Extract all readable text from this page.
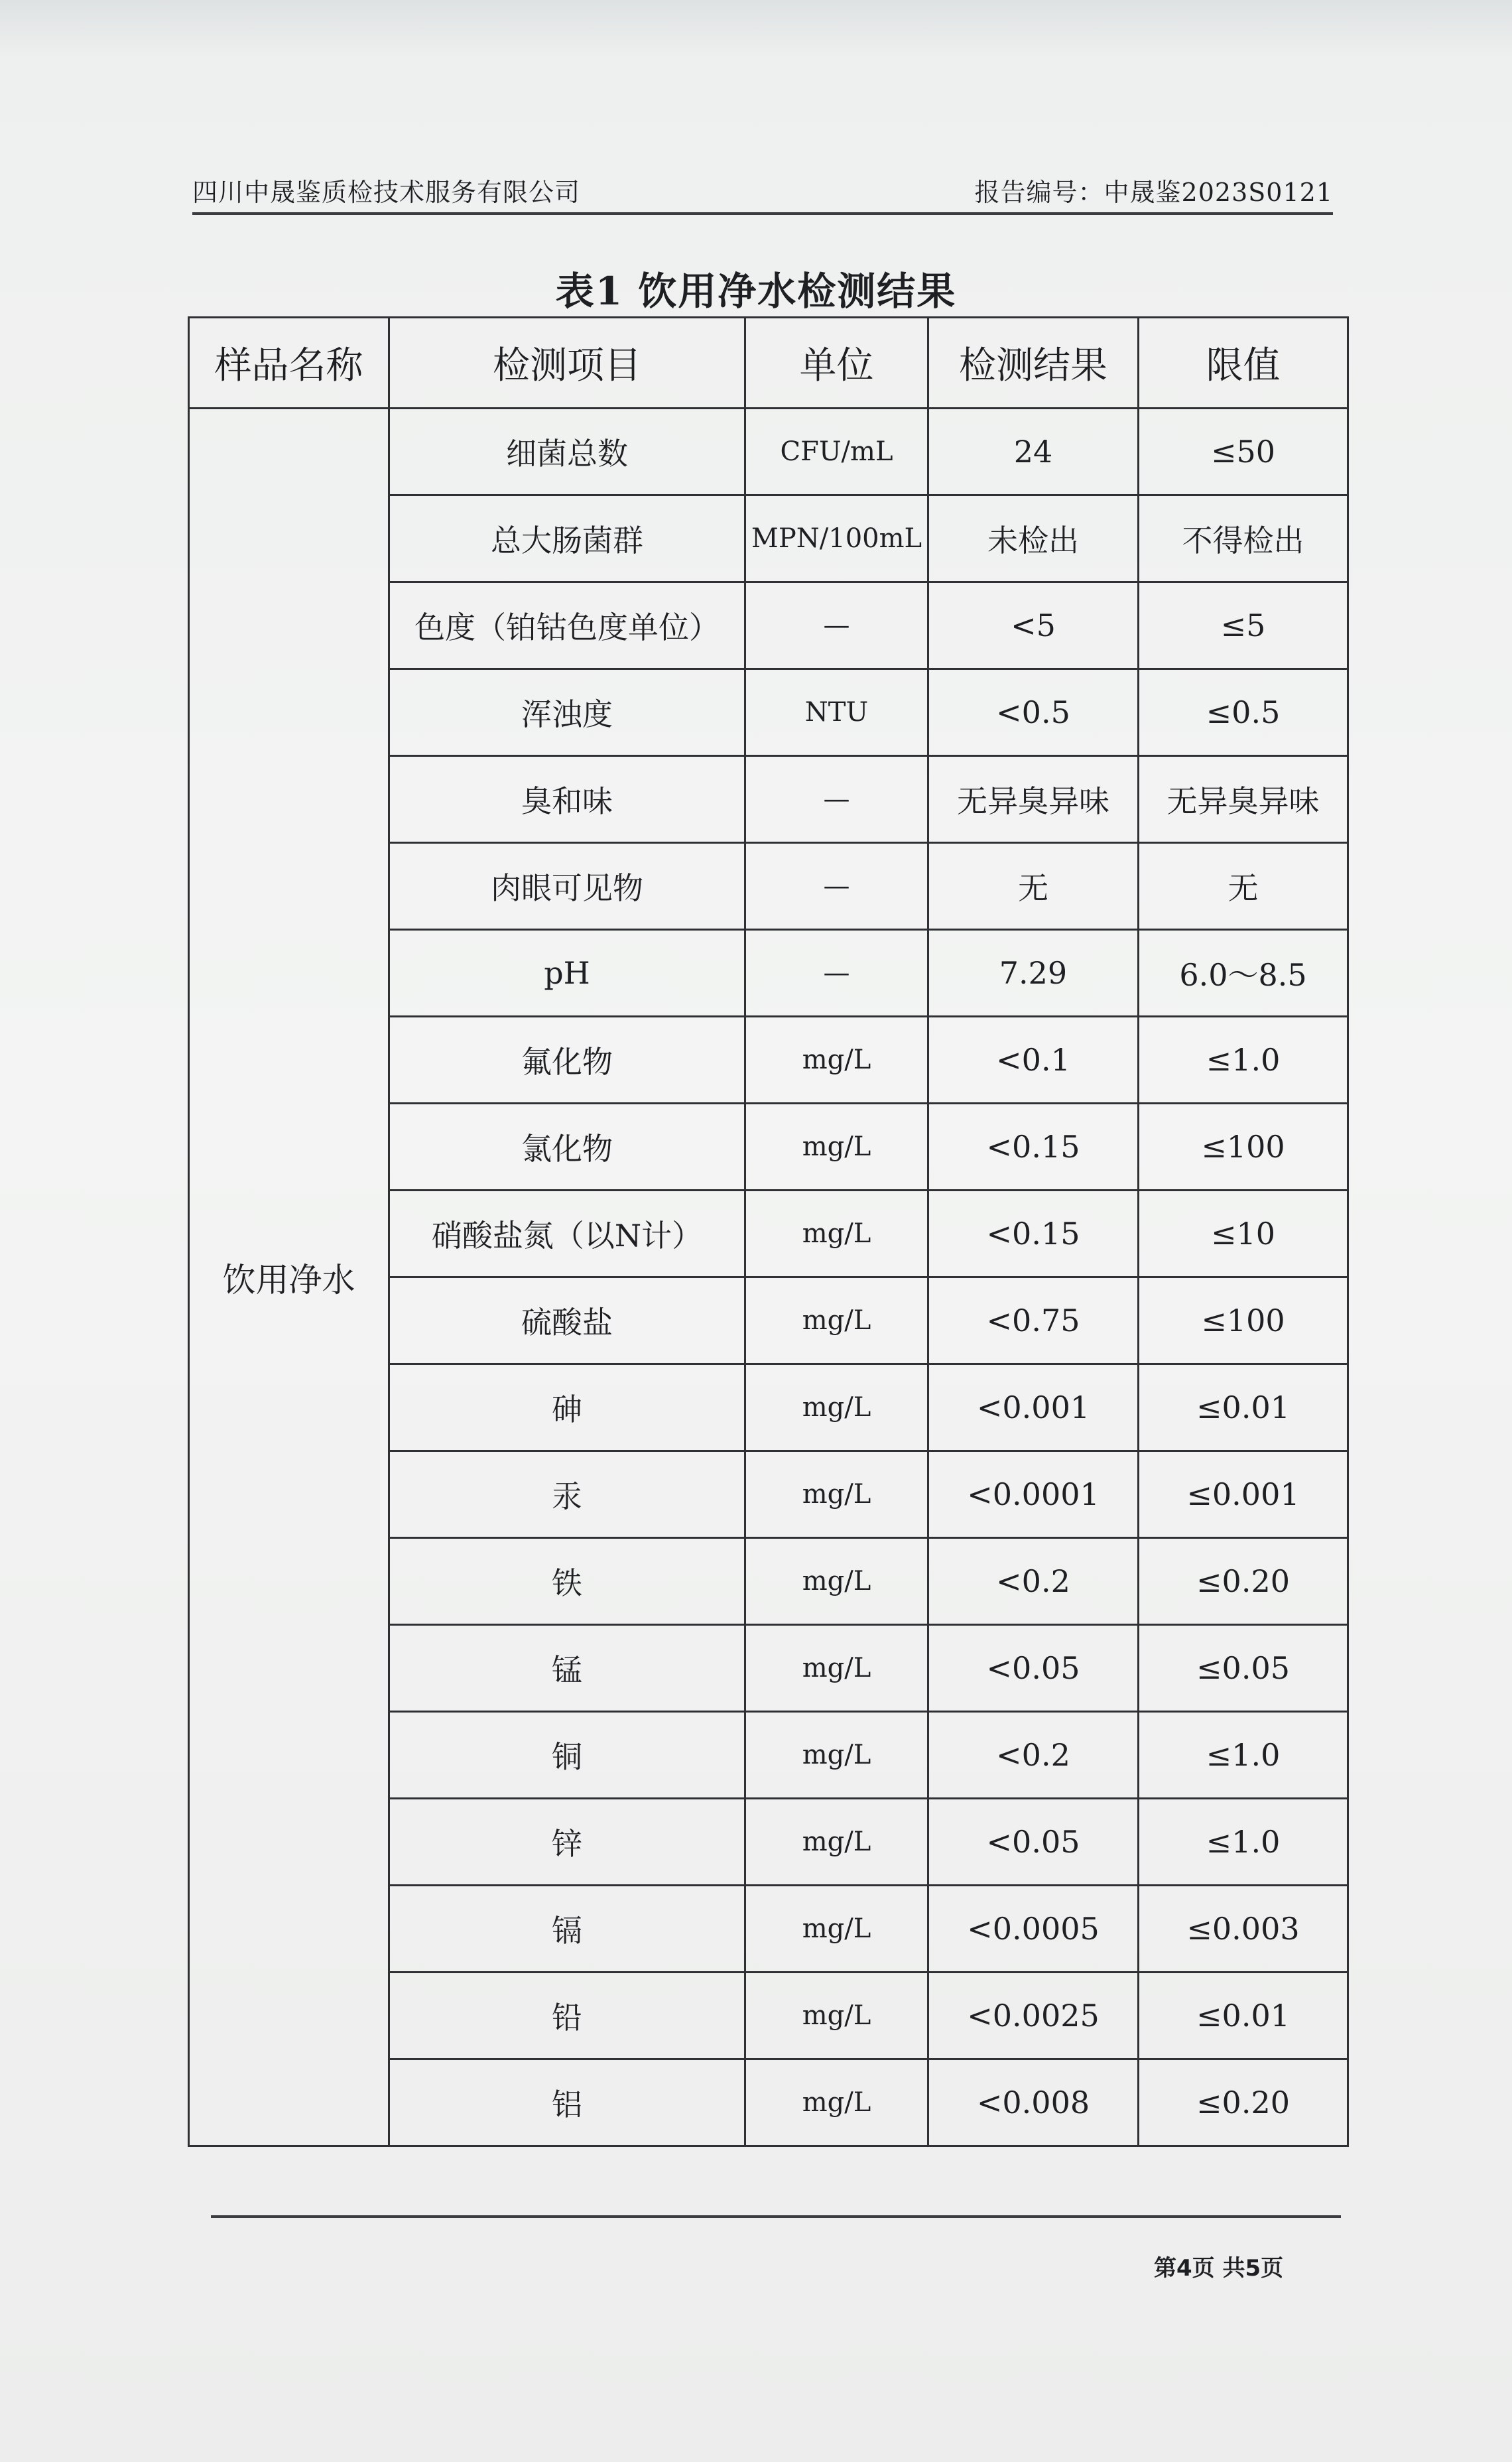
四川中晟鉴质检技术服务有限公司	报告编号：中晟鉴2023S0121
表1 饮用净水检测结果
样品名称	检测项目	单位	检测结果	限值
饮用净水	细菌总数	CFU/mL	24	≤50
	总大肠菌群	MPN/100mL	未检出	不得检出
	色度（铂钴色度单位）	—	<5	≤5
	浑浊度	NTU	<0.5	≤0.5
	臭和味	—	无异臭异味	无异臭异味
	肉眼可见物	—	无	无
	pH	—	7.29	6.0～8.5
	氟化物	mg/L	<0.1	≤1.0
	氯化物	mg/L	<0.15	≤100
	硝酸盐氮（以N计）	mg/L	<0.15	≤10
	硫酸盐	mg/L	<0.75	≤100
	砷	mg/L	<0.001	≤0.01
	汞	mg/L	<0.0001	≤0.001
	铁	mg/L	<0.2	≤0.20
	锰	mg/L	<0.05	≤0.05
	铜	mg/L	<0.2	≤1.0
	锌	mg/L	<0.05	≤1.0
	镉	mg/L	<0.0005	≤0.003
	铅	mg/L	<0.0025	≤0.01
	铝	mg/L	<0.008	≤0.20
第4页 共5页
